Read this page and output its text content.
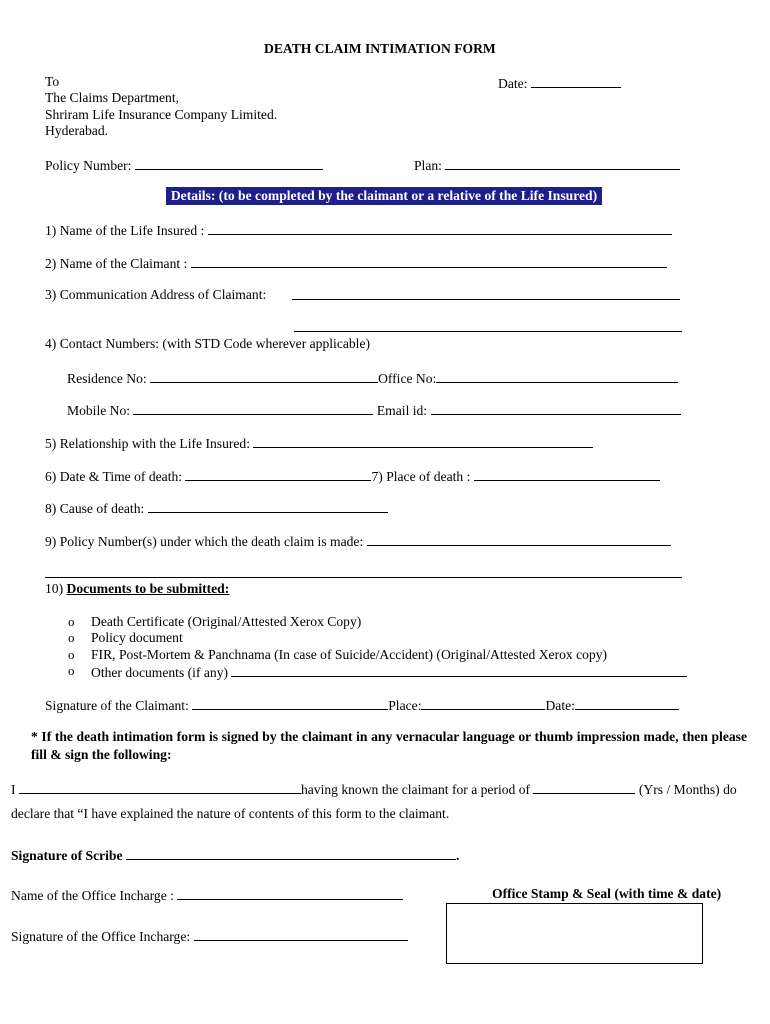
DEATH CLAIM INTIMATION FORM
To
The Claims Department,
Shriram Life Insurance Company Limited.
Hyderabad.
Date:
Policy Number:	Plan:
Details: (to be completed by the claimant or a relative of the Life Insured)
1) Name of the Life Insured :
2) Name of the Claimant :
3) Communication Address of Claimant:
4) Contact Numbers: (with STD Code wherever applicable)
Residence No:	Office No:
Mobile No:	Email id:
5) Relationship with the Life Insured:
6) Date & Time of death:	7) Place of death :
8) Cause of death:
9) Policy Number(s) under which the death claim is made:
10) Documents to be submitted:
o Death Certificate (Original/Attested Xerox Copy)
o Policy document
o FIR, Post-Mortem & Panchnama (In case of Suicide/Accident) (Original/Attested Xerox copy)
o Other documents (if any)
Signature of the Claimant:	Place:	Date:
* If the death intimation form is signed by the claimant in any vernacular language or thumb impression made, then please fill & sign the following:
I	having known the claimant for a period of	(Yrs / Months) do
declare that “I have explained the nature of contents of this form to the claimant.
Signature of Scribe	.
Name of the Office Incharge :
Signature of the Office Incharge:
Office Stamp & Seal (with time & date)
